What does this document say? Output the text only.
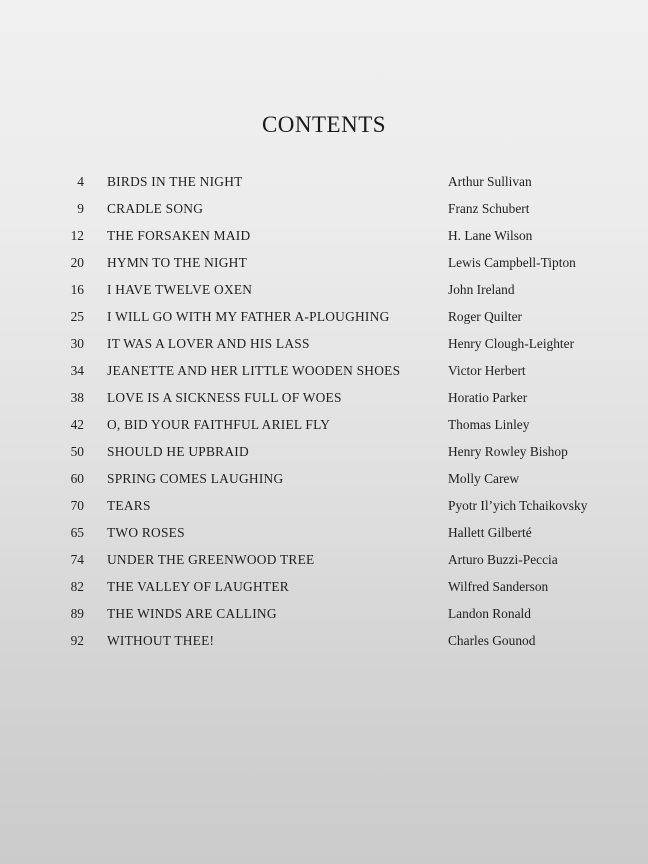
CONTENTS
4 BIRDS IN THE NIGHT	Arthur Sullivan
9 CRADLE SONG	Franz Schubert
12 THE FORSAKEN MAID	H. Lane Wilson
20 HYMN TO THE NIGHT	Lewis Campbell-Tipton
16 I HAVE TWELVE OXEN	John Ireland
25 I WILL GO WITH MY FATHER A-PLOUGHING	Roger Quilter
30 IT WAS A LOVER AND HIS LASS	Henry Clough-Leighter
34 JEANETTE AND HER LITTLE WOODEN SHOES	Victor Herbert
38 LOVE IS A SICKNESS FULL OF WOES	Horatio Parker
42 O, BID YOUR FAITHFUL ARIEL FLY	Thomas Linley
50 SHOULD HE UPBRAID	Henry Rowley Bishop
60 SPRING COMES LAUGHING	Molly Carew
70 TEARS	Pyotr Il’yich Tchaikovsky
65 TWO ROSES	Hallett Gilberté
74 UNDER THE GREENWOOD TREE	Arturo Buzzi-Peccia
82 THE VALLEY OF LAUGHTER	Wilfred Sanderson
89 THE WINDS ARE CALLING	Landon Ronald
92 WITHOUT THEE!	Charles Gounod
